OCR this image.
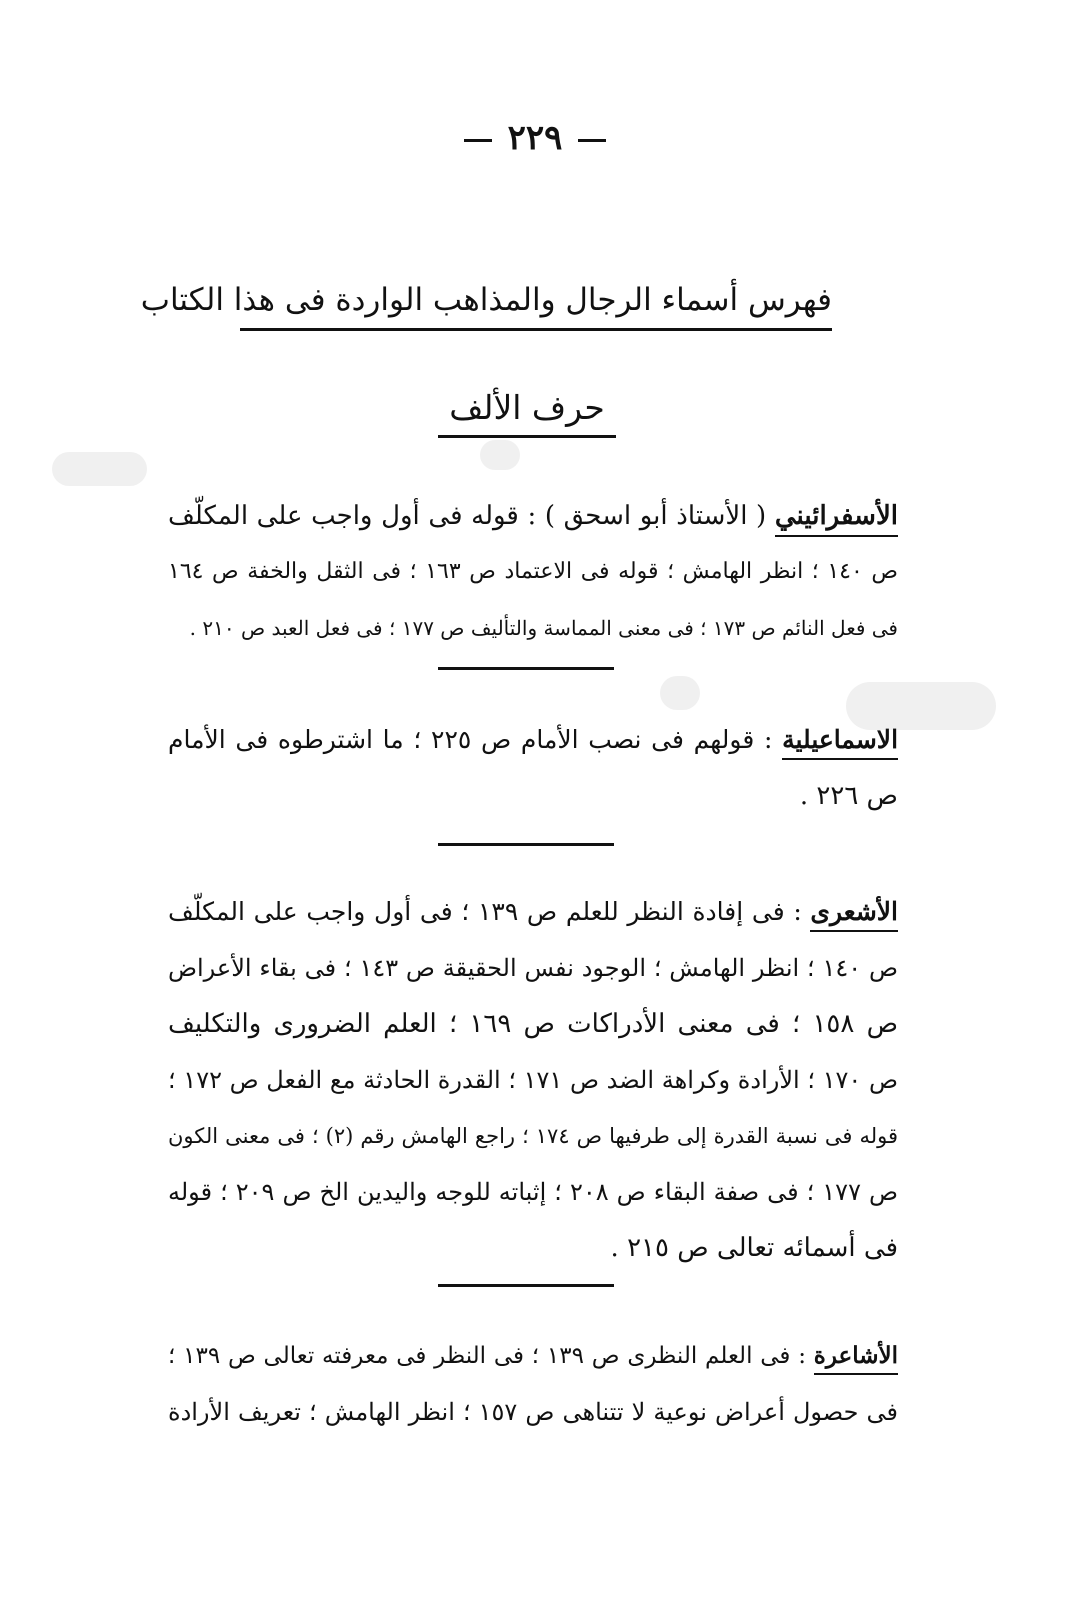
٢٢٩
فهرس أسماء الرجال والمذاهب الواردة فى هذا الكتاب
حرف الألف
الأسفرائيني ( الأستاذ أبو اسحق ) : قوله فى أول واجب على المكلّف
ص ١٤٠ ؛ انظر الهامش ؛ قوله فى الاعتماد ص ١٦٣ ؛ فى الثقل والخفة ص ١٦٤
فى فعل النائم ص ١٧٣ ؛ فى معنى المماسة والتأليف ص ١٧٧ ؛ فى فعل العبد ص ٢١٠ .
الاسماعيلية : قولهم فى نصب الأمام ص ٢٢٥ ؛ ما اشترطوه فى الأمام
ص ٢٢٦ .
الأشعرى : فى إفادة النظر للعلم ص ١٣٩ ؛ فى أول واجب على المكلّف
ص ١٤٠ ؛ انظر الهامش ؛ الوجود نفس الحقيقة ص ١٤٣ ؛ فى بقاء الأعراض
ص ١٥٨ ؛ فى معنى الأدراكات ص ١٦٩ ؛ العلم الضرورى والتكليف
ص ١٧٠ ؛ الأرادة وكراهة الضد ص ١٧١ ؛ القدرة الحادثة مع الفعل ص ١٧٢ ؛
قوله فى نسبة القدرة إلى طرفيها ص ١٧٤ ؛ راجع الهامش رقم (٢) ؛ فى معنى الكون
ص ١٧٧ ؛ فى صفة البقاء ص ٢٠٨ ؛ إثباته للوجه واليدين الخ ص ٢٠٩ ؛ قوله
فى أسمائه تعالى ص ٢١٥ .
الأشاعرة : فى العلم النظرى ص ١٣٩ ؛ فى النظر فى معرفته تعالى ص ١٣٩ ؛
فى حصول أعراض نوعية لا تتناهى ص ١٥٧ ؛ انظر الهامش ؛ تعريف الأرادة
